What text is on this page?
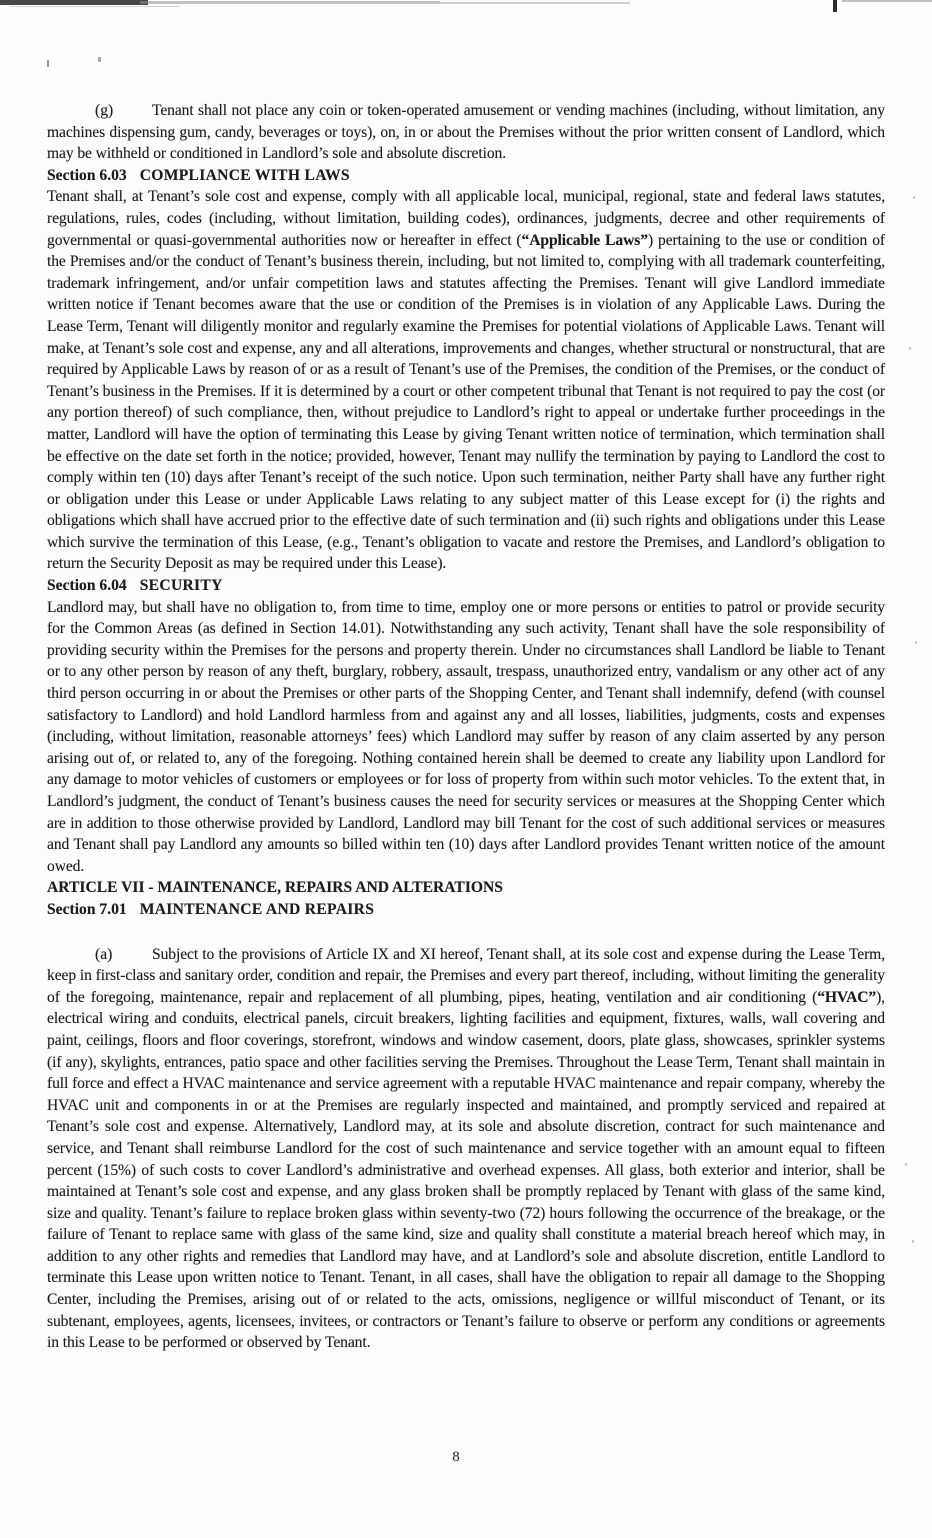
(g) Tenant shall not place any coin or token-operated amusement or vending machines (including, without limitation, any machines dispensing gum, candy, beverages or toys), on, in or about the Premises without the prior written consent of Landlord, which may be withheld or conditioned in Landlord’s sole and absolute discretion.

Section 6.03 COMPLIANCE WITH LAWS

Tenant shall, at Tenant’s sole cost and expense, comply with all applicable local, municipal, regional, state and federal laws statutes, regulations, rules, codes (including, without limitation, building codes), ordinances, judgments, decree and other requirements of governmental or quasi-governmental authorities now or hereafter in effect (“Applicable Laws”) pertaining to the use or condition of the Premises and/or the conduct of Tenant’s business therein, including, but not limited to, complying with all trademark counterfeiting, trademark infringement, and/or unfair competition laws and statutes affecting the Premises. Tenant will give Landlord immediate written notice if Tenant becomes aware that the use or condition of the Premises is in violation of any Applicable Laws. During the Lease Term, Tenant will diligently monitor and regularly examine the Premises for potential violations of Applicable Laws. Tenant will make, at Tenant’s sole cost and expense, any and all alterations, improvements and changes, whether structural or nonstructural, that are required by Applicable Laws by reason of or as a result of Tenant’s use of the Premises, the condition of the Premises, or the conduct of Tenant’s business in the Premises. If it is determined by a court or other competent tribunal that Tenant is not required to pay the cost (or any portion thereof) of such compliance, then, without prejudice to Landlord’s right to appeal or undertake further proceedings in the matter, Landlord will have the option of terminating this Lease by giving Tenant written notice of termination, which termination shall be effective on the date set forth in the notice; provided, however, Tenant may nullify the termination by paying to Landlord the cost to comply within ten (10) days after Tenant’s receipt of the such notice. Upon such termination, neither Party shall have any further right or obligation under this Lease or under Applicable Laws relating to any subject matter of this Lease except for (i) the rights and obligations which shall have accrued prior to the effective date of such termination and (ii) such rights and obligations under this Lease which survive the termination of this Lease, (e.g., Tenant’s obligation to vacate and restore the Premises, and Landlord’s obligation to return the Security Deposit as may be required under this Lease).

Section 6.04 SECURITY

Landlord may, but shall have no obligation to, from time to time, employ one or more persons or entities to patrol or provide security for the Common Areas (as defined in Section 14.01). Notwithstanding any such activity, Tenant shall have the sole responsibility of providing security within the Premises for the persons and property therein. Under no circumstances shall Landlord be liable to Tenant or to any other person by reason of any theft, burglary, robbery, assault, trespass, unauthorized entry, vandalism or any other act of any third person occurring in or about the Premises or other parts of the Shopping Center, and Tenant shall indemnify, defend (with counsel satisfactory to Landlord) and hold Landlord harmless from and against any and all losses, liabilities, judgments, costs and expenses (including, without limitation, reasonable attorneys’ fees) which Landlord may suffer by reason of any claim asserted by any person arising out of, or related to, any of the foregoing. Nothing contained herein shall be deemed to create any liability upon Landlord for any damage to motor vehicles of customers or employees or for loss of property from within such motor vehicles. To the extent that, in Landlord’s judgment, the conduct of Tenant’s business causes the need for security services or measures at the Shopping Center which are in addition to those otherwise provided by Landlord, Landlord may bill Tenant for the cost of such additional services or measures and Tenant shall pay Landlord any amounts so billed within ten (10) days after Landlord provides Tenant written notice of the amount owed.

ARTICLE VII - MAINTENANCE, REPAIRS AND ALTERATIONS
Section 7.01 MAINTENANCE AND REPAIRS

(a)	Subject to the provisions of Article IX and XI hereof, Tenant shall, at its sole cost and expense during the Lease Term, keep in first-class and sanitary order, condition and repair, the Premises and every part thereof, including, without limiting the generality of the foregoing, maintenance, repair and replacement of all plumbing, pipes, heating, ventilation and air conditioning (“HVAC”), electrical wiring and conduits, electrical panels, circuit breakers, lighting facilities and equipment, fixtures, walls, wall covering and paint, ceilings, floors and floor coverings, storefront, windows and window casement, doors, plate glass, showcases, sprinkler systems (if any), skylights, entrances, patio space and other facilities serving the Premises. Throughout the Lease Term, Tenant shall maintain in full force and effect a HVAC maintenance and service agreement with a reputable HVAC maintenance and repair company, whereby the HVAC unit and components in or at the Premises are regularly inspected and maintained, and promptly serviced and repaired at Tenant’s sole cost and expense. Alternatively, Landlord may, at its sole and absolute discretion, contract for such maintenance and service, and Tenant shall reimburse Landlord for the cost of such maintenance and service together with an amount equal to fifteen percent (15%) of such costs to cover Landlord’s administrative and overhead expenses. All glass, both exterior and interior, shall be maintained at Tenant’s sole cost and expense, and any glass broken shall be promptly replaced by Tenant with glass of the same kind, size and quality. Tenant’s failure to replace broken glass within seventy-two (72) hours following the occurrence of the breakage, or the failure of Tenant to replace same with glass of the same kind, size and quality shall constitute a material breach hereof which may, in addition to any other rights and remedies that Landlord may have, and at Landlord’s sole and absolute discretion, entitle Landlord to terminate this Lease upon written notice to Tenant. Tenant, in all cases, shall have the obligation to repair all damage to the Shopping Center, including the Premises, arising out of or related to the acts, omissions, negligence or willful misconduct of Tenant, or its subtenant, employees, agents, licensees, invitees, or contractors or Tenant’s failure to observe or perform any conditions or agreements in this Lease to be performed or observed by Tenant.

8
